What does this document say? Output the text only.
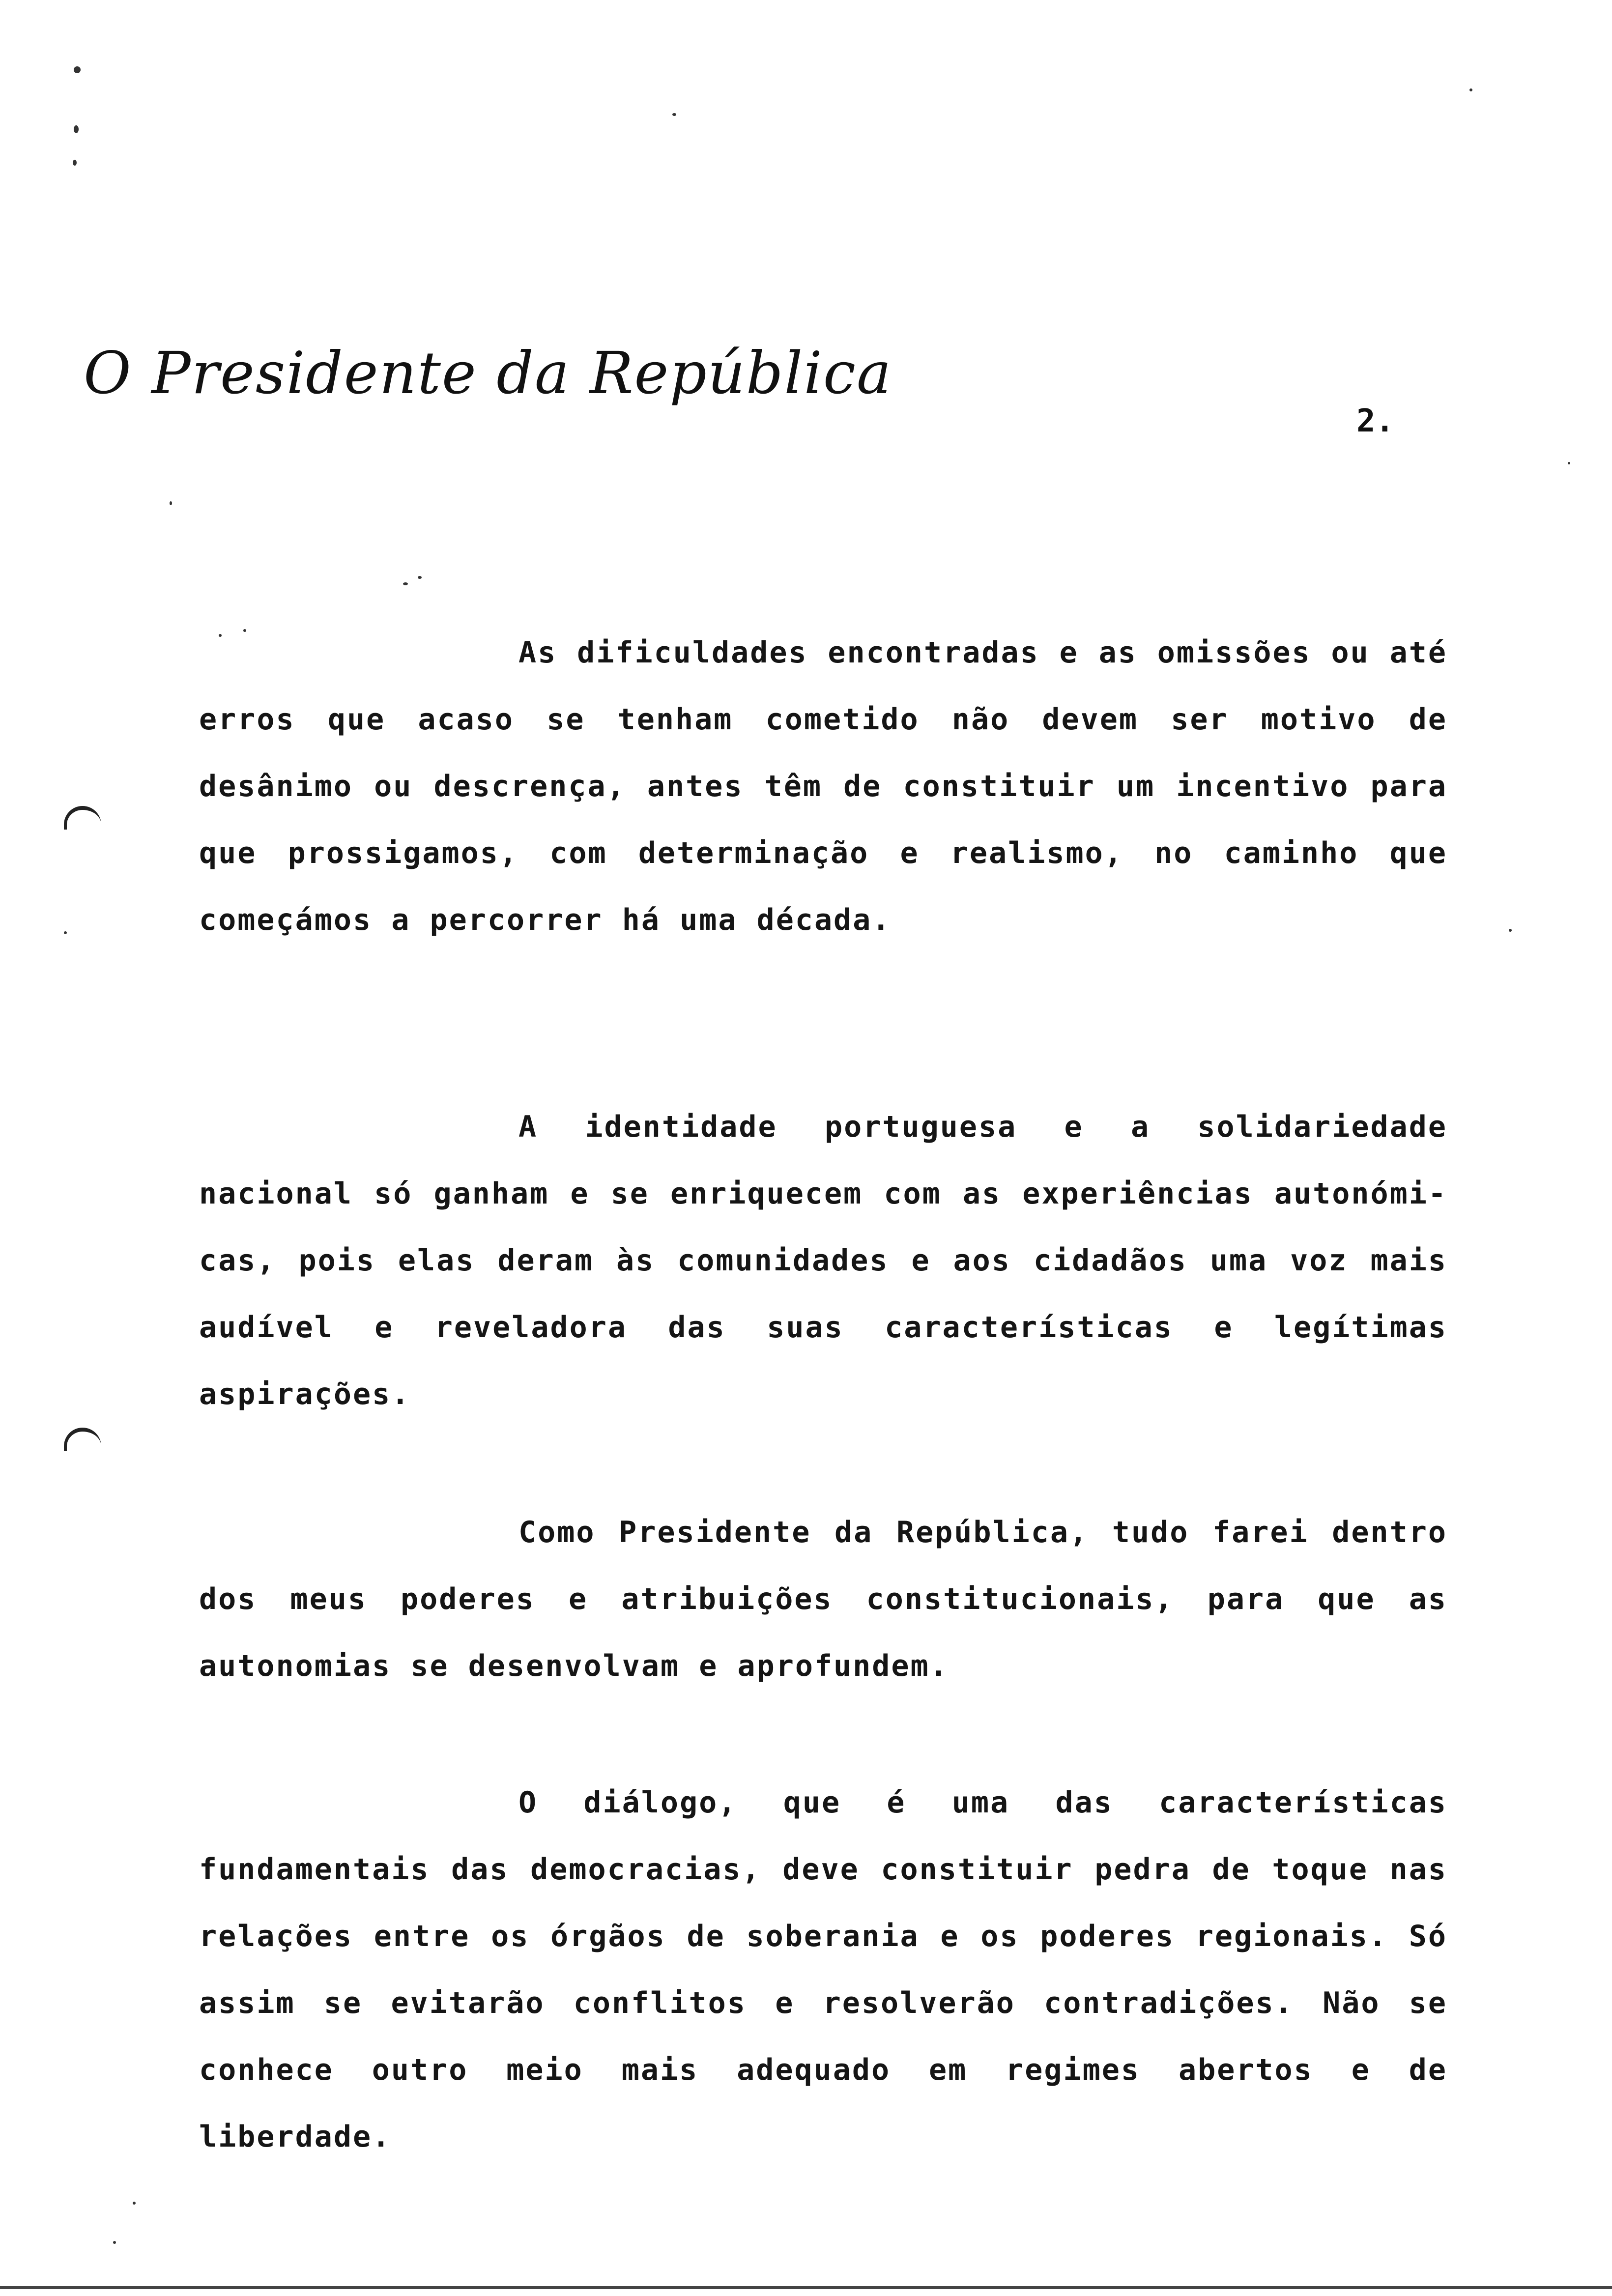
O Presidente da República
2.

As dificuldades encontradas e as omissões ou até erros que acaso se tenham cometido não devem ser motivo de desânimo ou descrença, antes têm de constituir um incentivo para que prossigamos, com determinação e realismo, no caminho que começámos a percorrer há uma década.

A identidade portuguesa e a solidariedade nacional só ganham e se enriquecem com as experiências autonómi-cas, pois elas deram às comunidades e aos cidadãos uma voz mais audível e reveladora das suas características e legítimas aspirações.

Como Presidente da República, tudo farei dentro dos meus poderes e atribuições constitucionais, para que as autonomias se desenvolvam e aprofundem.

O diálogo, que é uma das características fundamentais das democracias, deve constituir pedra de toque nas relações entre os órgãos de soberania e os poderes regionais. Só assim se evitarão conflitos e resolverão contradições. Não se conhece outro meio mais adequado em regimes abertos e de liberdade.
